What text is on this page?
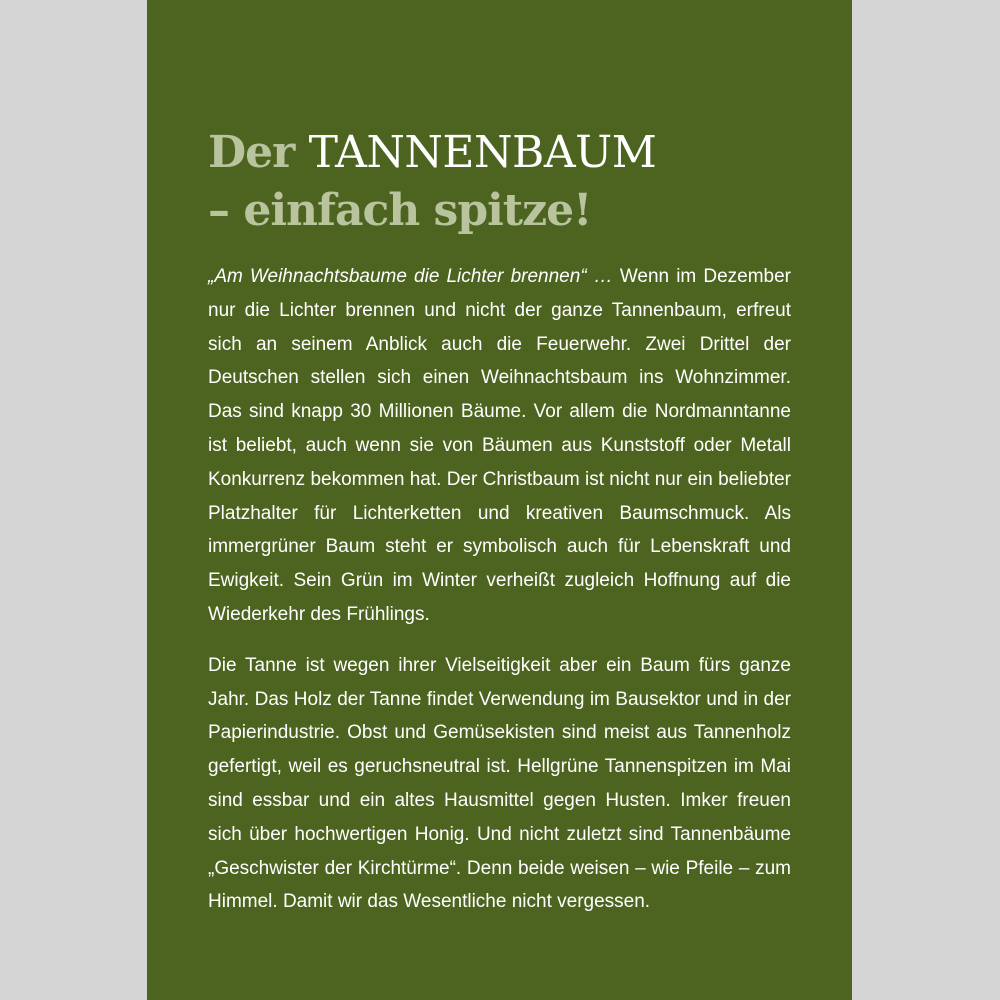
Der TANNENBAUM
– einfach spitze!

„Am Weihnachtsbaume die Lichter brennen“ … Wenn im Dezember nur die Lichter brennen und nicht der ganze Tannenbaum, erfreut sich an seinem Anblick auch die Feuerwehr. Zwei Drittel der Deutschen stellen sich einen Weihnachtsbaum ins Wohnzimmer. Das sind knapp 30 Millionen Bäume. Vor allem die Nordmanntanne ist beliebt, auch wenn sie von Bäumen aus Kunststoff oder Metall Konkurrenz bekommen hat. Der Christbaum ist nicht nur ein beliebter Platzhalter für Lichterketten und kreativen Baumschmuck. Als immergrüner Baum steht er symbolisch auch für Lebenskraft und Ewigkeit. Sein Grün im Winter verheißt zugleich Hoffnung auf die Wiederkehr des Frühlings.

Die Tanne ist wegen ihrer Vielseitigkeit aber ein Baum fürs ganze Jahr. Das Holz der Tanne findet Verwendung im Bausektor und in der Papierindustrie. Obst und Gemüsekisten sind meist aus Tannenholz gefertigt, weil es geruchsneutral ist. Hellgrüne Tannenspitzen im Mai sind essbar und ein altes Hausmittel gegen Husten. Imker freuen sich über hochwertigen Honig. Und nicht zuletzt sind Tannenbäume „Geschwister der Kirchtürme“. Denn beide weisen – wie Pfeile – zum Himmel. Damit wir das Wesentliche nicht vergessen.
